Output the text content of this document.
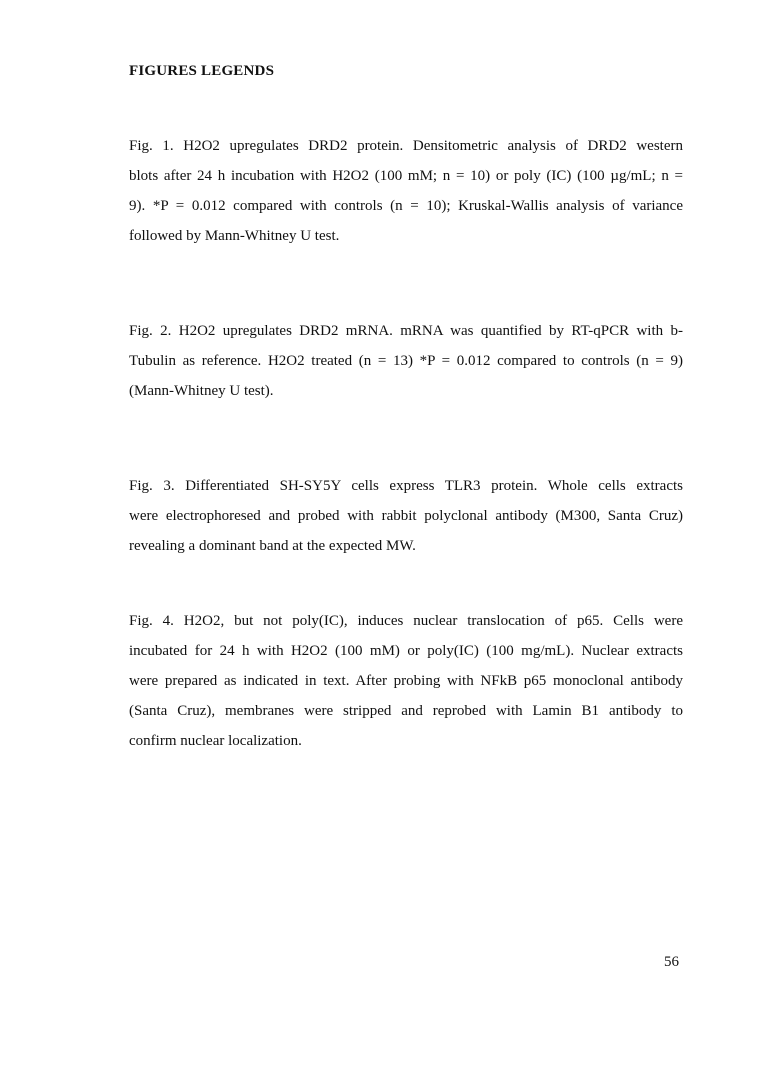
FIGURES LEGENDS
Fig. 1. H2O2 upregulates DRD2 protein. Densitometric analysis of DRD2 western
blots after 24 h incubation with H2O2 (100 mM; n = 10) or poly (IC) (100 µg/mL; n =
9). *P = 0.012 compared with controls (n = 10); Kruskal-Wallis analysis of variance
followed by Mann-Whitney U test.
Fig. 2. H2O2 upregulates DRD2 mRNA. mRNA was quantified by RT-qPCR with b-
Tubulin as reference. H2O2 treated (n = 13) *P = 0.012 compared to controls (n = 9)
(Mann-Whitney U test).
Fig. 3. Differentiated SH-SY5Y cells express TLR3 protein. Whole cells extracts
were electrophoresed and probed with rabbit polyclonal antibody (M300, Santa Cruz)
revealing a dominant band at the expected MW.
Fig. 4. H2O2, but not poly(IC), induces nuclear translocation of p65. Cells were
incubated for 24 h with H2O2 (100 mM) or poly(IC) (100 mg/mL). Nuclear extracts
were prepared as indicated in text. After probing with NFkB p65 monoclonal antibody
(Santa Cruz), membranes were stripped and reprobed with Lamin B1 antibody to
confirm nuclear localization.
56
